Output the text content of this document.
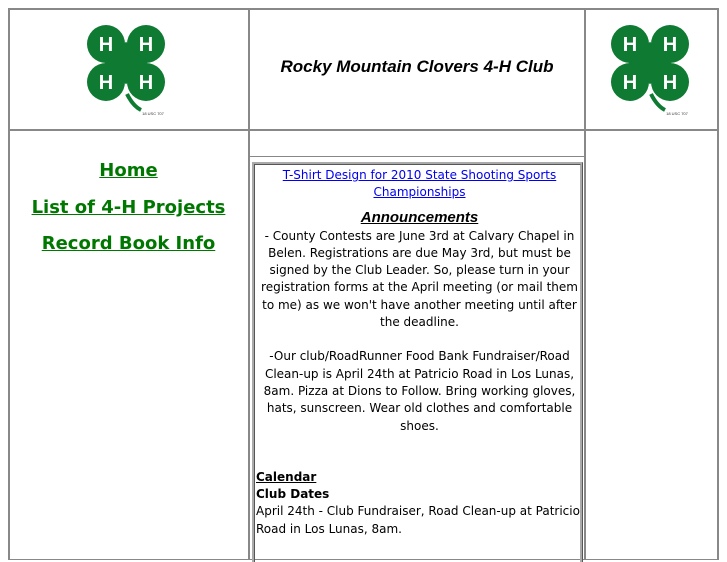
H H
H H
18 USC 707
Rocky Mountain Clovers 4-H Club
H H
H H
18 USC 707
Home
List of 4-H Projects
Record Book Info
T-Shirt Design for 2010 State Shooting Sports Championships
Announcements
- County Contests are June 3rd at Calvary Chapel in Belen. Registrations are due May 3rd, but must be signed by the Club Leader. So, please turn in your registration forms at the April meeting (or mail them to me) as we won't have another meeting until after the deadline.
-Our club/RoadRunner Food Bank Fundraiser/Road Clean-up is April 24th at Patricio Road in Los Lunas, 8am. Pizza at Dions to Follow. Bring working gloves, hats, sunscreen. Wear old clothes and comfortable shoes.
Calendar
Club Dates
April 24th - Club Fundraiser, Road Clean-up at Patricio Road in Los Lunas, 8am.
